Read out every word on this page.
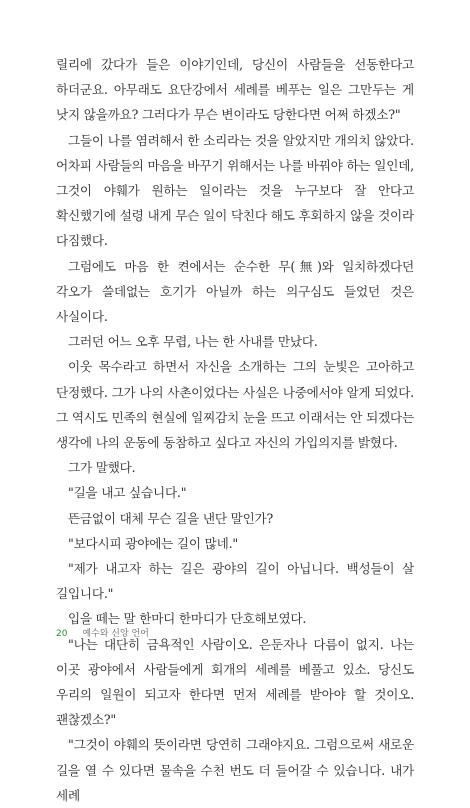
릴리에 갔다가 들은 이야기인데, 당신이 사람들을 선동한다고 하더군요. 아무래도 요단강에서 세례를 베푸는 일은 그만두는 게 낫지 않을까요? 그러다가 무슨 변이라도 당한다면 어쩌 하겠소?"

그들이 나를 염려해서 한 소리라는 것을 알았지만 개의치 않았다. 어차피 사람들의 마음을 바꾸기 위해서는 나를 바꿔야 하는 일인데, 그것이 야훼가 원하는 일이라는 것을 누구보다 잘 안다고 확신했기에 설령 내게 무슨 일이 닥친다 해도 후회하지 않을 것이라 다짐했다.

그럼에도 마음 한 켠에서는 순수한 무(無)와 일치하겠다던 각오가 쓸데없는 호기가 아닐까 하는 의구심도 들었던 것은 사실이다.

그러던 어느 오후 무렵, 나는 한 사내를 만났다.

이웃 목수라고 하면서 자신을 소개하는 그의 눈빛은 고아하고 단정했다. 그가 나의 사촌이었다는 사실은 나중에서야 알게 되었다. 그 역시도 민족의 현실에 일찌감치 눈을 뜨고 이래서는 안 되겠다는 생각에 나의 운동에 동참하고 싶다고 자신의 가입의지를 밝혔다.

그가 말했다.

"길을 내고 싶습니다."

뜬금없이 대체 무슨 길을 낸단 말인가?

"보다시피 광야에는 길이 많네."

"제가 내고자 하는 길은 광야의 길이 아닙니다. 백성들이 살 길입니다."

입을 떼는 말 한마디 한마디가 단호해보였다.

"나는 대단히 금욕적인 사람이오. 은둔자나 다름이 없지. 나는 이곳 광야에서 사람들에게 회개의 세례를 베풀고 있소. 당신도 우리의 일원이 되고자 한다면 먼저 세례를 받아야 할 것이오. 괜찮겠소?"

"그것이 야훼의 뜻이라면 당연히 그래야지요. 그럼으로써 새로운 길을 열 수 있다면 물속을 수천 번도 더 들어갈 수 있습니다. 내가 세례

20 예수와 신앙 언어
